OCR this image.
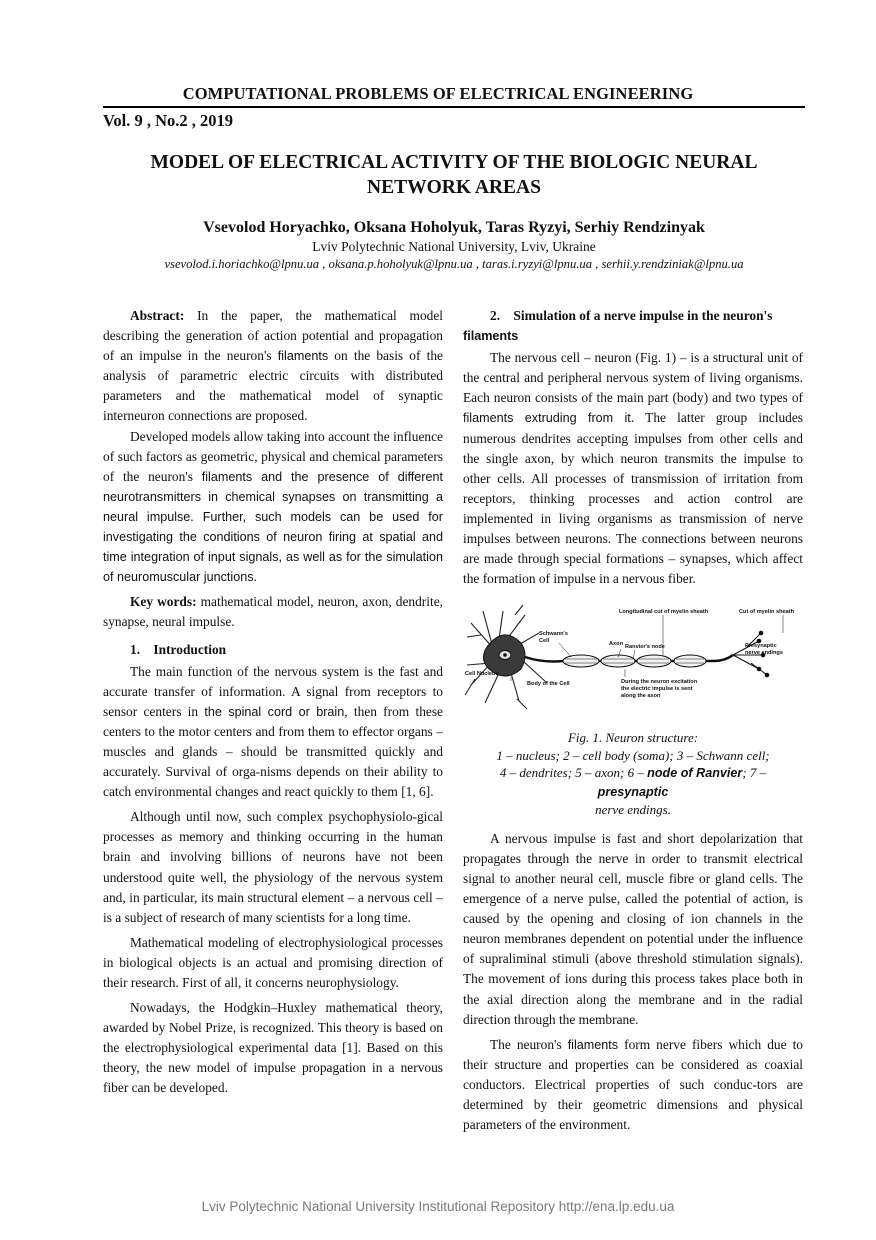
COMPUTATIONAL PROBLEMS OF ELECTRICAL ENGINEERING
Vol. 9 , No.2 , 2019
MODEL OF ELECTRICAL ACTIVITY OF THE BIOLOGIC NEURAL
NETWORK AREAS
Vsevolod Horyachko, Oksana Hoholyuk, Taras Ryzyi, Serhiy Rendzinyak
Lviv Polytechnic National University, Lviv, Ukraine
vsevolod.i.horiachko@lpnu.ua , oksana.p.hoholyuk@lpnu.ua , taras.i.ryzyi@lpnu.ua , serhii.y.rendziniak@lpnu.ua

Abstract: In the paper, the mathematical model describing the generation of action potential and propagation of an impulse in the neuron's filaments on the basis of the analysis of parametric electric circuits with distributed parameters and the mathematical model of synaptic interneuron connections are proposed.

Developed models allow taking into account the influence of such factors as geometric, physical and chemical parameters of the neuron's filaments and the presence of different neurotransmitters in chemical synapses on transmitting a neural impulse. Further, such models can be used for investigating the conditions of neuron firing at spatial and time integration of input signals, as well as for the simulation of neuromuscular junctions.

Key words: mathematical model, neuron, axon, dendrite, synapse, neural impulse.

1. Introduction

The main function of the nervous system is the fast and accurate transfer of information. A signal from receptors to sensor centers in the spinal cord or brain, then from these centers to the motor centers and from them to effector organs – muscles and glands – should be transmitted quickly and accurately. Survival of orga-nisms depends on their ability to catch environmental changes and react quickly to them [1, 6].

Although until now, such complex psychophysiolo-gical processes as memory and thinking occurring in the human brain and involving billions of neurons have not been understood quite well, the physiology of the nervous system and, in particular, its main structural element – a nervous cell – is a subject of research of many scientists for a long time.

Mathematical modeling of electrophysiological processes in biological objects is an actual and promising direction of their research. First of all, it concerns neurophysiology.

Nowadays, the Hodgkin–Huxley mathematical theory, awarded by Nobel Prize, is recognized. This theory is based on the electrophysiological experimental data [1]. Based on this theory, the new model of impulse propagation in a nervous fiber can be developed.

2. Simulation of a nerve impulse in the neuron's filaments

The nervous cell – neuron (Fig. 1) – is a structural unit of the central and peripheral nervous system of living organisms. Each neuron consists of the main part (body) and two types of filaments extruding from it. The latter group includes numerous dendrites accepting impulses from other cells and the single axon, by which neuron transmits the impulse to other cells. All processes of transmission of irritation from receptors, thinking processes and action control are implemented in living organisms as transmission of nerve impulses between neurons. The connections between neurons are made through special formations – synapses, which affect the formation of impulse in a nervous fiber.

Longitudinal cut of myelin sheath	Cut of myelin sheath
Schwann's
Cell	Axon Ranvier's node	Presynaptic
nerve endings
Cell Nucleus
Body of the Cell	During the neuron excitation
the electric impulse is sent
along the axon
Fig. 1. Neuron structure:
1 – nucleus; 2 – cell body (soma); 3 – Schwann cell;
4 – dendrites; 5 – axon; 6 – node of Ranvier; 7 – presynaptic
nerve endings.

A nervous impulse is fast and short depolarization that propagates through the nerve in order to transmit electrical signal to another neural cell, muscle fibre or gland cells. The emergence of a nerve pulse, called the potential of action, is caused by the opening and closing of ion channels in the neuron membranes dependent on potential under the influence of supraliminal stimuli (above threshold stimulation signals). The movement of ions during this process takes place both in the axial direction along the membrane and in the radial direction through the membrane.

The neuron's filaments form nerve fibers which due to their structure and properties can be considered as coaxial conductors. Electrical properties of such conduc-tors are determined by their geometric dimensions and physical parameters of the environment.

Lviv Polytechnic National University Institutional Repository http://ena.lp.edu.ua
